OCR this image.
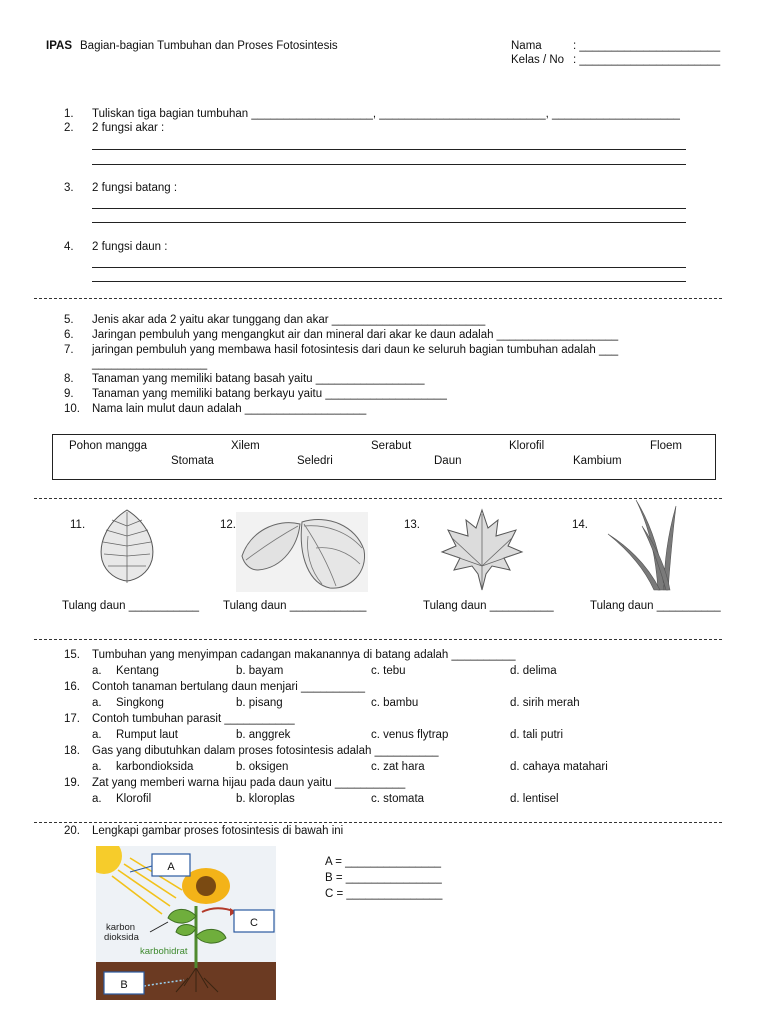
IPAS Bagian-bagian Tumbuhan dan Proses Fotosintesis	Nama	: ______________________
Kelas / No : ______________________
1. Tuliskan tiga bagian tumbuhan ___________________, __________________________, ____________________
2. 2 fungsi akar :
3. 2 fungsi batang :
4. 2 fungsi daun :
5. Jenis akar ada 2 yaitu akar tunggang dan akar ________________________
6. Jaringan pembuluh yang mengangkut air dan mineral dari akar ke daun adalah ___________________
7. jaringan pembuluh yang membawa hasil fotosintesis dari daun ke seluruh bagian tumbuhan adalah ___
__________________
8. Tanaman yang memiliki batang basah yaitu _________________
9. Tanaman yang memiliki batang berkayu yaitu ___________________
10. Nama lain mulut daun adalah ___________________
Pohon mangga	Xilem	Serabut	Klorofil	Floem
Stomata	Seledri	Daun	Kambium
11.	12.	13.	14.
Tulang daun ___________ Tulang daun ____________	Tulang daun __________	Tulang daun __________
15. Tumbuhan yang menyimpan cadangan makanannya di batang adalah __________
a. Kentang	b. bayam	c. tebu	d. delima
16. Contoh tanaman bertulang daun menjari __________
a. Singkong	b. pisang	c. bambu	d. sirih merah
17. Contoh tumbuhan parasit ___________
a. Rumput laut	b. anggrek	c. venus flytrap	d. tali putri
18. Gas yang dibutuhkan dalam proses fotosintesis adalah __________
a. karbondioksida	b. oksigen	c. zat hara	d. cahaya matahari
19. Zat yang memberi warna hijau pada daun yaitu ___________
a. Klorofil	b. kloroplas	c. stomata	d. lentisel
20. Lengkapi gambar proses fotosintesis di bawah ini
A
C
B
karbon
dioksida
karbohidrat
A = _______________
B = _______________
C = _______________
